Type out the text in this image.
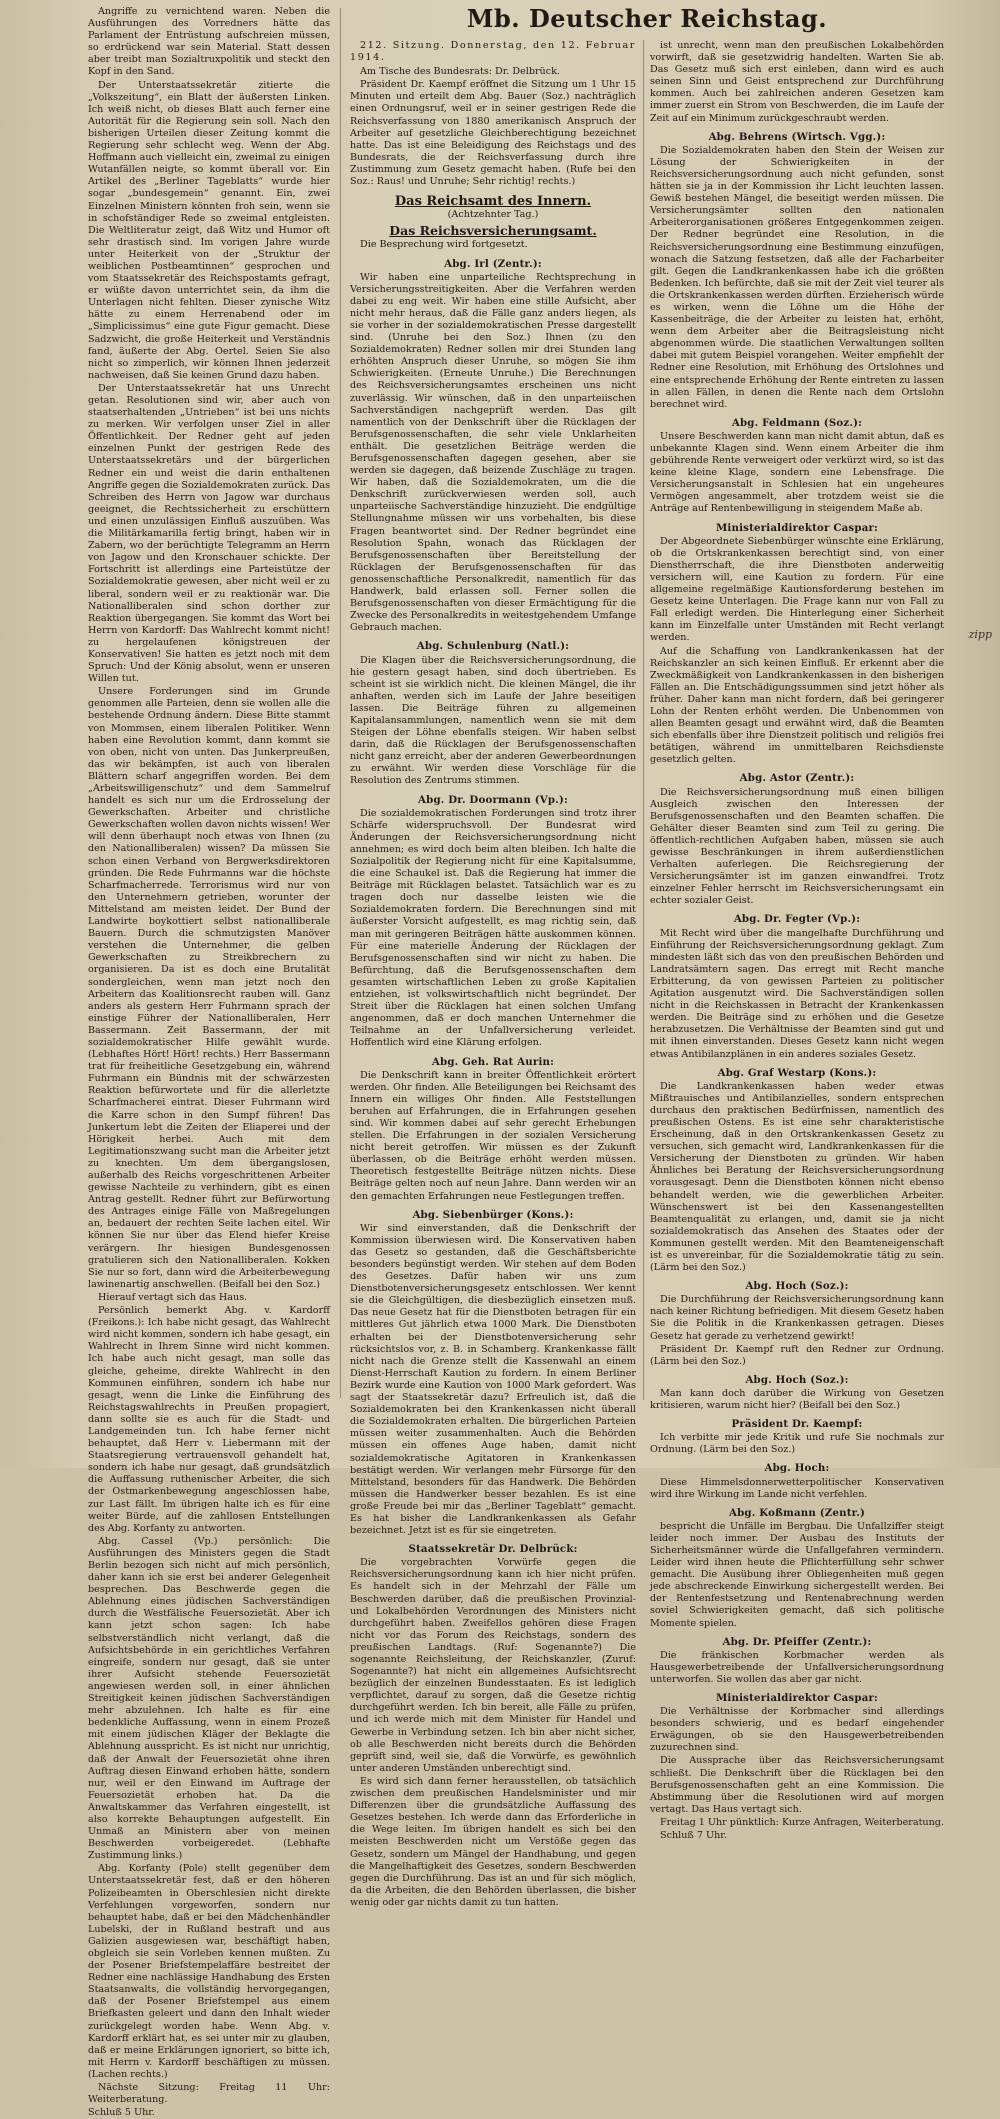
Mb. Deutscher Reichstag.

Angriffe zu vernichtend waren. Neben die Ausführungen des Vorredners hätte das Parlament der Entrüstung aufschreien müssen, so erdrückend war sein Material. Statt dessen aber treibt man Sozialtruxpolitik und steckt den Kopf in den Sand.

Der Unterstaatssekretär zitierte die „Volkszeitung“, ein Blatt der äußersten Linken. Ich weiß nicht, ob dieses Blatt auch ferner eine Autorität für die Regierung sein soll. Nach den bisherigen Urteilen dieser Zeitung kommt die Regierung sehr schlecht weg. Wenn der Abg. Hoffmann auch vielleicht ein, zweimal zu einigen Wutanfällen neigte, so kommt überall vor. Ein Artikel des „Berliner Tageblatts“ wurde hier sogar „bundesgemein“ genannt. Ein, zwei Einzelnen Ministern könnten froh sein, wenn sie in schofständiger Rede so zweimal entgleisten. Die Weltliteratur zeigt, daß Witz und Humor oft sehr drastisch sind. Im vorigen Jahre wurde unter Heiterkeit von der „Struktur der weiblichen Postbeamtinnen“ gesprochen und vom Staatssekretär des Reichspostamts gefragt, er wüßte davon unterrichtet sein, da ihm die Unterlagen nicht fehlten. Dieser zynische Witz hätte zu einem Herrenabend oder im „Simplicissimus“ eine gute Figur gemacht. Diese Sadzwicht, die große Heiterkeit und Verständnis fand, äußerte der Abg. Oertel. Seien Sie also nicht so zimperlich, wir können Ihnen jederzeit nachweisen, daß Sie keinen Grund dazu haben.

Der Unterstaatssekretär hat uns Unrecht getan. Resolutionen sind wir, aber auch von staatserhaltenden „Untrieben“ ist bei uns nichts zu merken. Wir verfolgen unser Ziel in aller Öffentlichkeit. Der Redner geht auf jeden einzelnen Punkt der gestrigen Rede des Unterstaatssekretärs und der bürgerlichen Redner ein und weist die darin enthaltenen Angriffe gegen die Sozialdemokraten zurück. Das Schreiben des Herrn von Jagow war durchaus geeignet, die Rechtssicherheit zu erschüttern und einen unzulässigen Einfluß auszuüben. Was die Militärkamarilla fertig bringt, haben wir in Zabern, wo der berüchtigte Telegramm an Herrn von Jagow und den Kronschauer schickte. Der Fortschritt ist allerdings eine Parteistütze der Sozialdemokratie gewesen, aber nicht weil er zu liberal, sondern weil er zu reaktionär war. Die Nationalliberalen sind schon dorther zur Reaktion übergegangen. Sie kommt das Wort bei Herrn von Kardorff: Das Wahlrecht kommt nicht! zu hergelaufenen königstreuen der Konservativen! Sie hatten es jetzt noch mit dem Spruch: Und der König absolut, wenn er unseren Willen tut.

Unsere Forderungen sind im Grunde genommen alle Parteien, denn sie wollen alle die bestehende Ordnung ändern. Diese Bitte stammt von Mommsen, einem liberalen Politiker. Wenn haben eine Revolution kommt, dann kommt sie von oben, nicht von unten. Das Junkerpreußen, das wir bekämpfen, ist auch von liberalen Blättern scharf angegriffen worden. Bei dem „Arbeitswilligenschutz“ und dem Sammelruf handelt es sich nur um die Erdrosselung der Gewerkschaften. Arbeiter und christliche Gewerkschaften wollen davon nichts wissen! Wer will denn überhaupt noch etwas von Ihnen (zu den Nationalliberalen) wissen? Da müssen Sie schon einen Verband von Bergwerksdirektoren gründen. Die Rede Fuhrmanns war die höchste Scharfmacherrede. Terrorismus wird nur von den Unternehmern getrieben, worunter der Mittelstand am meisten leidet. Der Bund der Landwirte boykottiert selbst nationalliberale Bauern. Durch die schmutzigsten Manöver verstehen die Unternehmer, die gelben Gewerkschaften zu Streikbrechern zu organisieren. Da ist es doch eine Brutalität sondergleichen, wenn man jetzt noch den Arbeitern das Koalitionsrecht rauben will. Ganz anders als gestern Herr Fuhrmann sprach der einstige Führer der Nationalliberalen, Herr Bassermann. Zeit Bassermann, der mit sozialdemokratischer Hilfe gewählt wurde. (Lebhaftes Hört! Hört! rechts.) Herr Bassermann trat für freiheitliche Gesetzgebung ein, während Fuhrmann ein Bündnis mit der schwärzesten Reaktion befürwortete und für die allerletzte Scharfmacherei eintrat. Dieser Fuhrmann wird die Karre schon in den Sumpf führen! Das Junkertum lebt die Zeiten der Eliaperei und der Hörigkeit herbei. Auch mit dem Legitimationszwang sucht man die Arbeiter jetzt zu knechten. Um dem übergangslosen, außerhalb des Reichs vorgeschrittenen Arbeiter gewisse Nachteile zu verhindern, gibt es einen Antrag gestellt. Redner führt zur Befürwortung des Antrages einige Fälle von Maßregelungen an, bedauert der rechten Seite lachen eitel. Wir können Sie nur über das Elend hiefer Kreise verärgern. Ihr hiesigen Bundesgenossen gratulieren sich den Nationalliberalen. Kokken Sie nur so fort, dann wird die Arbeiterbewegung lawinenartig anschwellen. (Beifall bei den Soz.)

Hierauf vertagt sich das Haus.

Persönlich bemerkt Abg. v. Kardorff (Freikons.): Ich habe nicht gesagt, das Wahlrecht wird nicht kommen, sondern ich habe gesagt, ein Wahlrecht in Ihrem Sinne wird nicht kommen. Ich habe auch nicht gesagt, man solle das gleiche, geheime, direkte Wahlrecht in den Kommunen einführen, sondern ich habe nur gesagt, wenn die Linke die Einführung des Reichstagswahlrechts in Preußen propagiert, dann sollte sie es auch für die Stadt- und Landgemeinden tun. Ich habe ferner nicht behauptet, daß Herr v. Liebermann mit der Staatsregierung vertrauensvoll gehandelt hat, sondern ich habe nur gesagt, daß grundsätzlich die Auffassung ruthenischer Arbeiter, die sich der Ostmarkenbewegung angeschlossen habe, zur Last fällt. Im übrigen halte ich es für eine weiter Bürde, auf die zahllosen Entstellungen des Abg. Korfanty zu antworten.

Abg. Cassel (Vp.) persönlich: Die Ausführungen des Ministers gegen die Stadt Berlin bezogen sich nicht auf mich persönlich, daher kann ich sie erst bei anderer Gelegenheit besprechen. Das Beschwerde gegen die Ablehnung eines jüdischen Sachverständigen durch die Westfälische Feuersozietät. Aber ich kann jetzt schon sagen: Ich habe selbstverständlich nicht verlangt, daß die Aufsichtsbehörde in ein gerichtliches Verfahren eingreife, sondern nur gesagt, daß sie unter ihrer Aufsicht stehende Feuersozietät angewiesen werden soll, in einer ähnlichen Streitigkeit keinen jüdischen Sachverständigen mehr abzulehnen. Ich halte es für eine bedenkliche Auffassung, wenn in einem Prozeß mit einem jüdischen Kläger der Beklagte die Ablehnung ausspricht. Es ist nicht nur unrichtig, daß der Anwalt der Feuersozietät ohne ihren Auftrag diesen Einwand erhoben hätte, sondern nur, weil er den Einwand im Auftrage der Feuersozietät erhoben hat. Da die Anwaltskammer das Verfahren eingestellt, ist also korrekte Behauptungen aufgestellt. Ein Unmaß an Ministern aber von meinen Beschwerden vorbeigeredet. (Lebhafte Zustimmung links.)

Abg. Korfanty (Pole) stellt gegenüber dem Unterstaatssekretär fest, daß er den höheren Polizeibeamten in Oberschlesien nicht direkte Verfehlungen vorgeworfen, sondern nur behauptet habe, daß er bei den Mädchenhändler Lubelski, der in Rußland bestraft und aus Galizien ausgewiesen war, beschäftigt haben, obgleich sie sein Vorleben kennen mußten. Zu der Posener Briefstempelaffäre bestreitet der Redner eine nachlässige Handhabung des Ersten Staatsanwalts, die vollständig hervorgegangen, daß der Posener Briefstempel aus einem Briefkasten geleert und dann den Inhalt wieder zurückgelegt worden habe. Wenn Abg. v. Kardorff erklärt hat, es sei unter mir zu glauben, daß er meine Erklärungen ignoriert, so bitte ich, mit Herrn v. Kardorff beschäftigen zu müssen. (Lachen rechts.)

Nächste Sitzung: Freitag 11 Uhr: Weiterberatung.

Schluß 5 Uhr.

212. Sitzung. Donnerstag, den 12. Februar 1914.

Am Tische des Bundesrats: Dr. Delbrück.

Präsident Dr. Kaempf eröffnet die Sitzung um 1 Uhr 15 Minuten und erteilt dem Abg. Bauer (Soz.) nachträglich einen Ordnungsruf, weil er in seiner gestrigen Rede die Reichsverfassung von 1880 amerikanisch Anspruch der Arbeiter auf gesetzliche Gleichberechtigung bezeichnet hatte. Das ist eine Beleidigung des Reichstags und des Bundesrats, die der Reichsverfassung durch ihre Zustimmung zum Gesetz gemacht haben. (Rufe bei den Soz.: Raus! und Unruhe; Sehr richtig! rechts.)

Das Reichsamt des Innern.
(Achtzehnter Tag.)
Das Reichsversicherungsamt.

Die Besprechung wird fortgesetzt.

Abg. Irl (Zentr.):

Wir haben eine unparteiliche Rechtsprechung in Versicherungsstreitigkeiten. Aber die Verfahren werden dabei zu eng weit. Wir haben eine stille Aufsicht, aber nicht mehr heraus, daß die Fälle ganz anders liegen, als sie vorher in der sozialdemokratischen Presse dargestellt sind. (Unruhe bei den Soz.) Ihnen (zu den Sozialdemokraten) Redner sollen mir drei Stunden lang erhöhten Anspruch dieser Unruhe, so mögen Sie ihm Schwierigkeiten. (Erneute Unruhe.) Die Berechnungen des Reichsversicherungsamtes erscheinen uns nicht zuverlässig. Wir wünschen, daß in den unparteiischen Sachverständigen nachgeprüft werden. Das gilt namentlich von der Denkschrift über die Rücklagen der Berufsgenossenschaften, die sehr viele Unklarheiten enthält. Die gesetzlichen Beiträge werden die Berufsgenossenschaften dagegen gesehen, aber sie werden sie dagegen, daß beizende Zuschläge zu tragen. Wir haben, daß die Sozialdemokraten, um die die Denkschrift zurückverwiesen werden soll, auch unparteiische Sachverständige hinzuzieht. Die endgültige Stellungnahme müssen wir uns vorbehalten, bis diese Fragen beantwortet sind. Der Redner begründet eine Resolution Spahn, wonach das Rücklagen der Berufsgenossenschaften über Bereitstellung der Rücklagen der Berufsgenossenschaften für das genossenschaftliche Personalkredit, namentlich für das Handwerk, bald erlassen soll. Ferner sollen die Berufsgenossenschaften von dieser Ermächtigung für die Zwecke des Personalkredits in weitestgehendem Umfange Gebrauch machen.

Abg. Schulenburg (Natl.):

Die Klagen über die Reichsversicherungsordnung, die hie gestern gesagt haben, sind doch übertrieben. Es scheint ist sie wirklich nicht. Die kleinen Mängel, die ihr anhaften, werden sich im Laufe der Jahre beseitigen lassen. Die Beiträge führen zu allgemeinen Kapitalansammlungen, namentlich wenn sie mit dem Steigen der Löhne ebenfalls steigen. Wir haben selbst darin, daß die Rücklagen der Berufsgenossenschaften nicht ganz erreicht, aber der anderen Gewerbeordnungen zu erwähnt. Wir werden diese Vorschläge für die Resolution des Zentrums stimmen.

Abg. Dr. Doormann (Vp.):

Die sozialdemokratischen Forderungen sind trotz ihrer Schärfe widerspruchsvoll. Der Bundesrat wird Änderungen der Reichsversicherungsordnung nicht annehmen; es wird doch beim alten bleiben. Ich halte die Sozialpolitik der Regierung nicht für eine Kapitalsumme, die eine Schaukel ist. Daß die Regierung hat immer die Beiträge mit Rücklagen belastet. Tatsächlich war es zu tragen doch nur dasselbe leisten wie die Sozialdemokraten fordern. Die Berechnungen sind mit äußerster Vorsicht aufgestellt, es mag richtig sein, daß man mit geringeren Beiträgen hätte auskommen können. Für eine materielle Änderung der Rücklagen der Berufsgenossenschaften sind wir nicht zu haben. Die Befürchtung, daß die Berufsgenossenschaften dem gesamten wirtschaftlichen Leben zu große Kapitalien entziehen, ist volkswirtschaftlich nicht begründet. Der Streit über die Rücklagen hat einen solchen Umfang angenommen, daß er doch manchen Unternehmer die Teilnahme an der Unfallversicherung verleidet. Hoffentlich wird eine Klärung erfolgen.

Abg. Geh. Rat Aurin:

Die Denkschrift kann in breiter Öffentlichkeit erörtert werden. Ohr finden. Alle Beteiligungen bei Reichsamt des Innern ein williges Ohr finden. Alle Feststellungen beruhen auf Erfahrungen, die in Erfahrungen gesehen sind. Wir kommen dabei auf sehr gerecht Erhebungen stellen. Die Erfahrungen in der sozialen Versicherung nicht bereit getroffen. Wir müssen es der Zukunft überlassen, ob die Beiträge erhöht werden müssen. Theoretisch festgestellte Beiträge nützen nichts. Diese Beiträge gelten noch auf neun Jahre. Dann werden wir an den gemachten Erfahrungen neue Festlegungen treffen.

Abg. Siebenbürger (Kons.):

Wir sind einverstanden, daß die Denkschrift der Kommission überwiesen wird. Die Konservativen haben das Gesetz so gestanden, daß die Geschäftsberichte besonders begünstigt werden. Wir stehen auf dem Boden des Gesetzes. Dafür haben wir uns zum Dienstbotenversicherungsgesetz entschlossen. Wer kennt sie die Gleichgültigen, die diesbezüglich einsetzen muß. Das neue Gesetz hat für die Dienstboten betragen für ein mittleres Gut jährlich etwa 1000 Mark. Die Dienstboten erhalten bei der Dienstbotenversicherung sehr rücksichtslos vor, z. B. in Schamberg. Krankenkasse fällt nicht nach die Grenze stellt die Kassenwahl an einem Dienst-Herrschaft Kaution zu fordern. In einem Berliner Bezirk wurde eine Kaution von 1000 Mark gefordert. Was sagt der Staatssekretär dazu? Erfreulich ist, daß die Sozialdemokraten bei den Krankenkassen nicht überall die Sozialdemokraten erhalten. Die bürgerlichen Parteien müssen weiter zusammenhalten. Auch die Behörden müssen ein offenes Auge haben, damit nicht sozialdemokratische Agitatoren in Krankenkassen bestätigt werden. Wir verlangen mehr Fürsorge für den Mittelstand, besonders für das Handwerk. Die Behörden müssen die Handwerker besser bezahlen. Es ist eine große Freude bei mir das „Berliner Tageblatt“ gemacht. Es hat bisher die Landkrankenkassen als Gefahr bezeichnet. Jetzt ist es für sie eingetreten.

Staatssekretär Dr. Delbrück:

Die vorgebrachten Vorwürfe gegen die Reichsversicherungsordnung kann ich hier nicht prüfen. Es handelt sich in der Mehrzahl der Fälle um Beschwerden darüber, daß die preußischen Provinzial- und Lokalbehörden Verordnungen des Ministers nicht durchgeführt haben. Zweifellos gehören diese Fragen nicht vor das Forum des Reichstags, sondern des preußischen Landtags. (Ruf: Sogenannte?) Die sogenannte Reichsleitung, der Reichskanzler, (Zuruf: Sogenannte?) hat nicht ein allgemeines Aufsichtsrecht bezüglich der einzelnen Bundesstaaten. Es ist lediglich verpflichtet, darauf zu sorgen, daß die Gesetze richtig durchgeführt werden. Ich bin bereit, alle Fälle zu prüfen, und ich werde mich mit dem Minister für Handel und Gewerbe in Verbindung setzen. Ich bin aber nicht sicher, ob alle Beschwerden nicht bereits durch die Behörden geprüft sind, weil sie, daß die Vorwürfe, es gewöhnlich unter anderen Umständen unberechtigt sind.

Es wird sich dann ferner herausstellen, ob tatsächlich zwischen dem preußischen Handelsminister und mir Differenzen über die grundsätzliche Auffassung des Gesetzes bestehen. Ich werde dann das Erforderliche in die Wege leiten. Im übrigen handelt es sich bei den meisten Beschwerden nicht um Verstöße gegen das Gesetz, sondern um Mängel der Handhabung, und gegen die Mangelhaftigkeit des Gesetzes, sondern Beschwerden gegen die Durchführung. Das ist an und für sich möglich, da die Arbeiten, die den Behörden überlassen, die bisher wenig oder gar nichts damit zu tun hatten.

ist unrecht, wenn man den preußischen Lokalbehörden vorwirft, daß sie gesetzwidrig handelten. Warten Sie ab. Das Gesetz muß sich erst einleben, dann wird es auch seinen Sinn und Geist entsprechend zur Durchführung kommen. Auch bei zahlreichen anderen Gesetzen kam immer zuerst ein Strom von Beschwerden, die im Laufe der Zeit auf ein Minimum zurückgeschraubt werden.

Abg. Behrens (Wirtsch. Vgg.):

Die Sozialdemokraten haben den Stein der Weisen zur Lösung der Schwierigkeiten in der Reichsversicherungsordnung auch nicht gefunden, sonst hätten sie ja in der Kommission ihr Licht leuchten lassen. Gewiß bestehen Mängel, die beseitigt werden müssen. Die Versicherungsämter sollten den nationalen Arbeiterorganisationen größeres Entgegenkommen zeigen. Der Redner begründet eine Resolution, in die Reichsversicherungsordnung eine Bestimmung einzufügen, wonach die Satzung festsetzen, daß alle der Facharbeiter gilt. Gegen die Landkrankenkassen habe ich die größten Bedenken. Ich befürchte, daß sie mit der Zeit viel teurer als die Ortskrankenkassen werden dürften. Erzieherisch würde es wirken, wenn die Löhne um die Höhe der Kassenbeiträge, die der Arbeiter zu leisten hat, erhöht, wenn dem Arbeiter aber die Beitragsleistung nicht abgenommen würde. Die staatlichen Verwaltungen sollten dabei mit gutem Beispiel vorangehen. Weiter empfiehlt der Redner eine Resolution, mit Erhöhung des Ortslohnes und eine entsprechende Erhöhung der Rente eintreten zu lassen in allen Fällen, in denen die Rente nach dem Ortslohn berechnet wird.

Abg. Feldmann (Soz.):

Unsere Beschwerden kann man nicht damit abtun, daß es unbekannte Klagen sind. Wenn einem Arbeiter die ihm gebührende Rente verweigert oder verkürzt wird, so ist das keine kleine Klage, sondern eine Lebensfrage. Die Versicherungsanstalt in Schlesien hat ein ungeheures Vermögen angesammelt, aber trotzdem weist sie die Anträge auf Rentenbewilligung in steigendem Maße ab.

Ministerialdirektor Caspar:

Der Abgeordnete Siebenbürger wünschte eine Erklärung, ob die Ortskrankenkassen berechtigt sind, von einer Dienstherrschaft, die ihre Dienstboten anderweitig versichern will, eine Kaution zu fordern. Für eine allgemeine regelmäßige Kautionsforderung bestehen im Gesetz keine Unterlagen. Die Frage kann nur von Fall zu Fall erledigt werden. Die Hinterlegung einer Sicherheit kann im Einzelfalle unter Umständen mit Recht verlangt werden.

Auf die Schaffung von Landkrankenkassen hat der Reichskanzler an sich keinen Einfluß. Er erkennt aber die Zweckmäßigkeit von Landkrankenkassen in den bisherigen Fällen an. Die Entschädigungssummen sind jetzt höher als früher. Daher kann man nicht fordern, daß bei geringerer Lohn der Renten erhöht werden. Die Unbenommen von allen Beamten gesagt und erwähnt wird, daß die Beamten sich ebenfalls über ihre Dienstzeit politisch und religiös frei betätigen, während im unmittelbaren Reichsdienste gesetzlich gelten.

Abg. Astor (Zentr.):

Die Reichsversicherungsordnung muß einen billigen Ausgleich zwischen den Interessen der Berufsgenossenschaften und den Beamten schaffen. Die Gehälter dieser Beamten sind zum Teil zu gering. Die öffentlich-rechtlichen Aufgaben haben, müssen sie auch gewisse Beschränkungen in ihrem außerdienstlichen Verhalten auferlegen. Die Reichsregierung der Versicherungsämter ist im ganzen einwandfrei. Trotz einzelner Fehler herrscht im Reichsversicherungsamt ein echter sozialer Geist.

Abg. Dr. Fegter (Vp.):

Mit Recht wird über die mangelhafte Durchführung und Einführung der Reichsversicherungsordnung geklagt. Zum mindesten läßt sich das von den preußischen Behörden und Landratsämtern sagen. Das erregt mit Recht manche Erbitterung, da von gewissen Parteien zu politischer Agitation ausgenutzt wird. Die Sachverständigen sollen nicht in die Reichskassen in Betracht der Krankenkassen werden. Die Beiträge sind zu erhöhen und die Gesetze herabzusetzen. Die Verhältnisse der Beamten sind gut und mit ihnen einverstanden. Dieses Gesetz kann nicht wegen etwas Antibilanzplänen in ein anderes soziales Gesetz.

Abg. Graf Westarp (Kons.):

Die Landkrankenkassen haben weder etwas Mißtrauisches und Antibilanzielles, sondern entsprechen durchaus den praktischen Bedürfnissen, namentlich des preußischen Ostens. Es ist eine sehr charakteristische Erscheinung, daß in den Ortskrankenkassen Gesetz zu versuchen, sich gemacht wird, Landkrankenkassen für die Versicherung der Dienstboten zu gründen. Wir haben Ähnliches bei Beratung der Reichsversicherungsordnung vorausgesagt. Denn die Dienstboten können nicht ebenso behandelt werden, wie die gewerblichen Arbeiter. Wünschenswert ist bei den Kassenangestellten Beamtenqualität zu erlangen, und, damit sie ja nicht sozialdemokratisch das Ansehen des Staates oder der Kommunen gestellt werden. Mit den Beamteneigenschaft ist es unvereinbar, für die Sozialdemokratie tätig zu sein. (Lärm bei den Soz.)

Abg. Hoch (Soz.):

Die Durchführung der Reichsversicherungsordnung kann nach keiner Richtung befriedigen. Mit diesem Gesetz haben Sie die Politik in die Krankenkassen getragen. Dieses Gesetz hat gerade zu verhetzend gewirkt!

Präsident Dr. Kaempf ruft den Redner zur Ordnung. (Lärm bei den Soz.)

Abg. Hoch (Soz.):

Man kann doch darüber die Wirkung von Gesetzen kritisieren, warum nicht hier? (Beifall bei den Soz.)

Präsident Dr. Kaempf:

Ich verbitte mir jede Kritik und rufe Sie nochmals zur Ordnung. (Lärm bei den Soz.)

Abg. Hoch:

Diese Himmelsdonnerwetterpolitischer Konservativen wird ihre Wirkung im Lande nicht verfehlen.

Abg. Koßmann (Zentr.)

bespricht die Unfälle im Bergbau. Die Unfallziffer steigt leider noch immer. Der Ausbau des Instituts der Sicherheitsmänner würde die Unfallgefahren vermindern. Leider wird ihnen heute die Pflichterfüllung sehr schwer gemacht. Die Ausübung ihrer Obliegenheiten muß gegen jede abschreckende Einwirkung sichergestellt werden. Bei der Rentenfestsetzung und Rentenabrechnung werden soviel Schwierigkeiten gemacht, daß sich politische Momente spielen.

Abg. Dr. Pfeiffer (Zentr.):

Die fränkischen Korbmacher werden als Hausgewerbetreibende der Unfallversicherungsordnung unterworfen. Sie wollen das aber gar nicht.

Ministerialdirektor Caspar:

Die Verhältnisse der Korbmacher sind allerdings besonders schwierig, und es bedarf eingehender Erwägungen, ob sie den Hausgewerbetreibenden zuzurechnen sind.

Die Aussprache über das Reichsversicherungsamt schließt. Die Denkschrift über die Rücklagen bei den Berufsgenossenschaften geht an eine Kommission. Die Abstimmung über die Resolutionen wird auf morgen vertagt. Das Haus vertagt sich.

Freitag 1 Uhr pünktlich: Kurze Anfragen, Weiterberatung.

Schluß 7 Uhr.

zipp
